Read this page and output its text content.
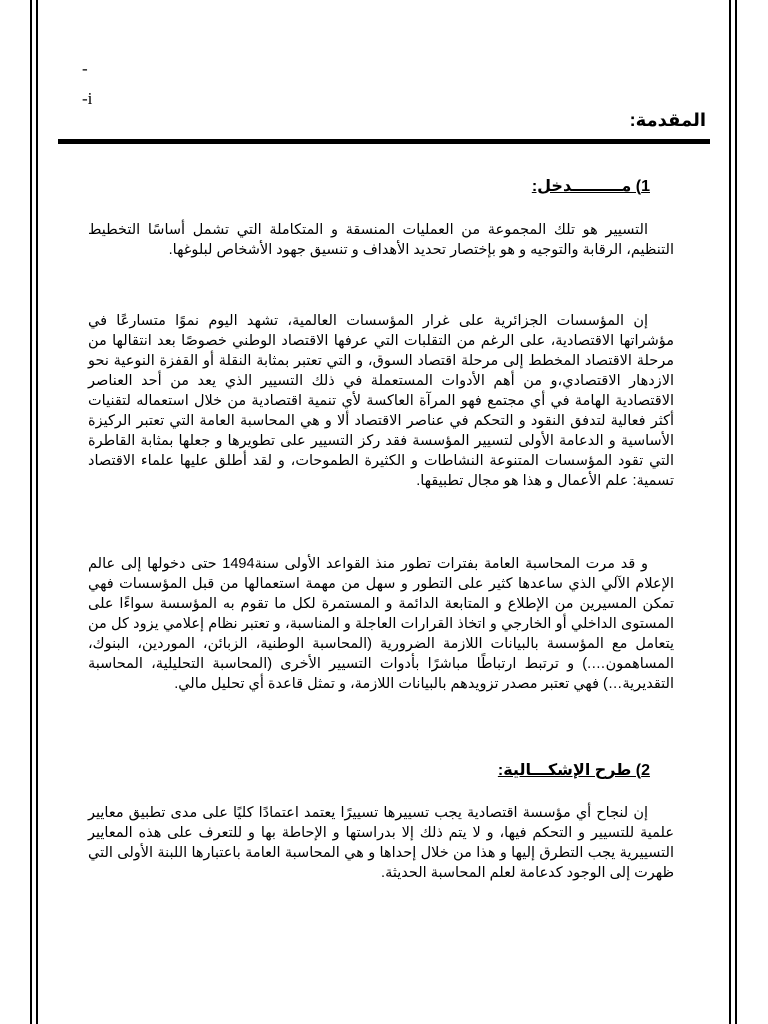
-
-i
المقدمة:
1) مـــــــــدخل:

التسيير هو تلك المجموعة من العمليات المنسقة و المتكاملة التي تشمل أساسًا التخطيط التنظيم، الرقابة والتوجيه و هو بإختصار تحديد الأهداف و تنسيق جهود الأشخاص لبلوغها.

إن المؤسسات الجزائرية على غرار المؤسسات العالمية، تشهد اليوم نموًا متسارعًا في مؤشراتها الاقتصادية، على الرغم من التقلبات التي عرفها الاقتصاد الوطني خصوصًا بعد انتقالها من مرحلة الاقتصاد المخطط إلى مرحلة اقتصاد السوق، و التي تعتبر بمثابة النقلة أو القفزة النوعية نحو الازدهار الاقتصادي،و من أهم الأدوات المستعملة في ذلك التسيير الذي يعد من أحد العناصر الاقتصادية الهامة في أي مجتمع فهو المرآة العاكسة لأي تنمية اقتصادية من خلال استعماله لتقنيات أكثر فعالية لتدفق النقود و التحكم في عناصر الاقتصاد ألا و هي المحاسبة العامة التي تعتبر الركيزة الأساسية و الدعامة الأولى لتسيير المؤسسة فقد ركز التسيير على تطويرها و جعلها بمثابة القاطرة التي تقود المؤسسات المتنوعة النشاطات و الكثيرة الطموحات، و لقد أطلق عليها علماء الاقتصاد تسمية: علم الأعمال و هذا هو مجال تطبيقها.

و قد مرت المحاسبة العامة بفترات تطور منذ القواعد الأولى سنة1494 حتى دخولها إلى عالم الإعلام الآلي الذي ساعدها كثير على التطور و سهل من مهمة استعمالها من قبل المؤسسات فهي تمكن المسيرين من الإطلاع و المتابعة الدائمة و المستمرة لكل ما تقوم به المؤسسة سواءًا على المستوى الداخلي أو الخارجي و اتخاذ القرارات العاجلة و المناسبة، و تعتبر نظام إعلامي يزود كل من يتعامل مع المؤسسة بالبيانات اللازمة الضرورية (المحاسبة الوطنية، الزبائن، الموردين، البنوك، المساهمون….) و ترتبط ارتباطًا مباشرًا بأدوات التسيير الأخرى (المحاسبة التحليلية، المحاسبة التقديرية…) فهي تعتبر مصدر تزويدهم بالبيانات اللازمة، و تمثل قاعدة أي تحليل مالي.

2) طرح الإشكـــالية:

إن لنجاح أي مؤسسة اقتصادية يجب تسييرها تسييرًا يعتمد اعتمادًا كليًا على مدى تطبيق معايير علمية للتسيير و التحكم فيها، و لا يتم ذلك إلا بدراستها و الإحاطة بها و للتعرف على هذه المعايير التسييرية يجب التطرق إليها و هذا من خلال إحداها و هي المحاسبة العامة باعتبارها اللبنة الأولى التي ظهرت إلى الوجود كدعامة لعلم المحاسبة الحديثة.
